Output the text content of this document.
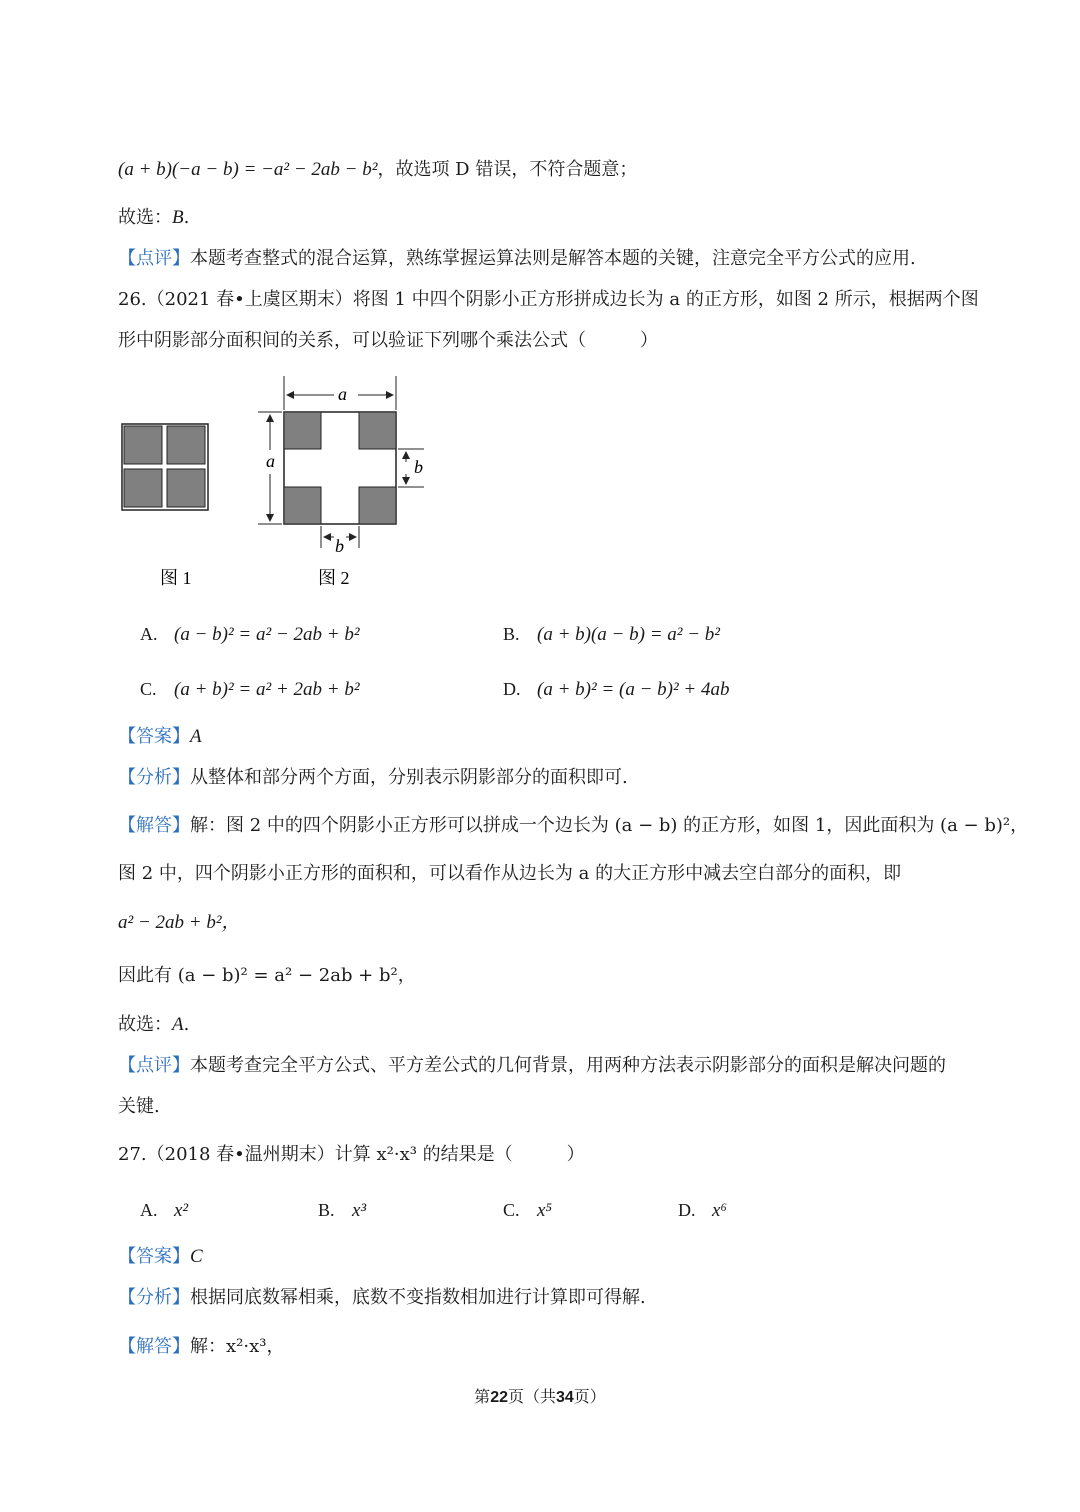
(a + b)(−a − b) = −a² − 2ab − b²，故选项 D 错误，不符合题意；
故选：B.
【点评】本题考查整式的混合运算，熟练掌握运算法则是解答本题的关键，注意完全平方公式的应用.
26.（2021 春•上虞区期末）将图 1 中四个阴影小正方形拼成边长为 a 的正方形，如图 2 所示，根据两个图
形中阴影部分面积间的关系，可以验证下列哪个乘法公式（　　　）
图 1
a
a	b
b
图 2
A. (a − b)² = a² − 2ab + b²	B. (a + b)(a − b) = a² − b²
C. (a + b)² = a² + 2ab + b²	D. (a + b)² = (a − b)² + 4ab
【答案】A
【分析】从整体和部分两个方面，分别表示阴影部分的面积即可.
【解答】解：图 2 中的四个阴影小正方形可以拼成一个边长为 (a − b) 的正方形，如图 1，因此面积为 (a − b)²，
图 2 中，四个阴影小正方形的面积和，可以看作从边长为 a 的大正方形中减去空白部分的面积，即
a² − 2ab + b²，
因此有 (a − b)² = a² − 2ab + b²，
故选：A.
【点评】本题考查完全平方公式、平方差公式的几何背景，用两种方法表示阴影部分的面积是解决问题的
关键.
27.（2018 春•温州期末）计算 x²·x³ 的结果是（　　　）
A. x²	B. x³	C. x⁵	D. x⁶
【答案】C
【分析】根据同底数幂相乘，底数不变指数相加进行计算即可得解.
【解答】解：x²·x³，
第22页（共34页）
